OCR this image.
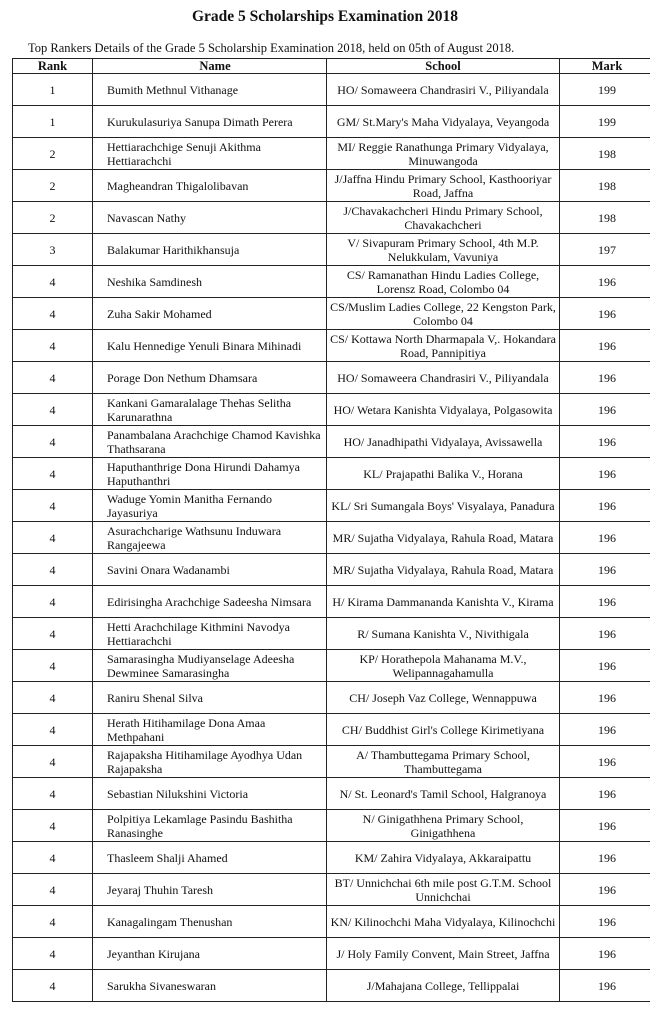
Grade 5 Scholarships Examination 2018
Top Rankers Details of the Grade 5 Scholarship Examination 2018, held on 05th of August 2018.
Rank	Name	School	Mark
1	Bumith Methnul Vithanage	HO/ Somaweera Chandrasiri V., Piliyandala	199
1	Kurukulasuriya Sanupa Dimath Perera	GM/ St.Mary's Maha Vidyalaya, Veyangoda	199
2	Hettiarachchige Senuji Akithma Hettiarachchi	MI/ Reggie Ranathunga Primary Vidyalaya, Minuwangoda	198
2	Magheandran Thigalolibavan	J/Jaffna Hindu Primary School, Kasthooriyar Road, Jaffna	198
2	Navascan Nathy	J/Chavakachcheri Hindu Primary School, Chavakachcheri	198
3	Balakumar Harithikhansuja	V/ Sivapuram Primary School, 4th M.P. Nelukkulam, Vavuniya	197
4	Neshika Samdinesh	CS/ Ramanathan Hindu Ladies College, Lorensz Road, Colombo 04	196
4	Zuha Sakir Mohamed	CS/Muslim Ladies College, 22 Kengston Park, Colombo 04	196
4	Kalu Hennedige Yenuli Binara Mihinadi	CS/ Kottawa North Dharmapala V,. Hokandara Road, Pannipitiya	196
4	Porage Don Nethum Dhamsara	HO/ Somaweera Chandrasiri V., Piliyandala	196
4	Kankani Gamaralalage Thehas Selitha Karunarathna	HO/ Wetara Kanishta Vidyalaya, Polgasowita	196
4	Panambalana Arachchige Chamod Kavishka Thathsarana	HO/ Janadhipathi Vidyalaya, Avissawella	196
4	Haputhanthrige Dona Hirundi Dahamya Haputhanthri	KL/ Prajapathi Balika V., Horana	196
4	Waduge Yomin Manitha Fernando Jayasuriya	KL/ Sri Sumangala Boys' Visyalaya, Panadura	196
4	Asurachcharige Wathsunu Induwara Rangajeewa	MR/ Sujatha Vidyalaya, Rahula Road, Matara	196
4	Savini Onara Wadanambi	MR/ Sujatha Vidyalaya, Rahula Road, Matara	196
4	Edirisingha Arachchige Sadeesha Nimsara	H/ Kirama Dammananda Kanishta V., Kirama	196
4	Hetti Arachchilage Kithmini Navodya Hettiarachchi	R/ Sumana Kanishta V., Nivithigala	196
4	Samarasingha Mudiyanselage Adeesha Dewminee Samarasingha	KP/ Horathepola Mahanama M.V., Welipannagahamulla	196
4	Raniru Shenal Silva	CH/ Joseph Vaz College, Wennappuwa	196
4	Herath Hitihamilage Dona Amaa Methpahani	CH/ Buddhist Girl's College Kirimetiyana	196
4	Rajapaksha Hitihamilage Ayodhya Udan Rajapaksha	A/ Thambuttegama Primary School, Thambuttegama	196
4	Sebastian Nilukshini Victoria	N/ St. Leonard's Tamil School, Halgranoya	196
4	Polpitiya Lekamlage Pasindu Bashitha Ranasinghe	N/ Ginigathhena Primary School, Ginigathhena	196
4	Thasleem Shalji Ahamed	KM/ Zahira Vidyalaya, Akkaraipattu	196
4	Jeyaraj Thuhin Taresh	BT/ Unnichchai 6th mile post G.T.M. School Unnichchai	196
4	Kanagalingam Thenushan	KN/ Kilinochchi Maha Vidyalaya, Kilinochchi	196
4	Jeyanthan Kirujana	J/ Holy Family Convent, Main Street, Jaffna	196
4	Sarukha Sivaneswaran	J/Mahajana College, Tellippalai	196
